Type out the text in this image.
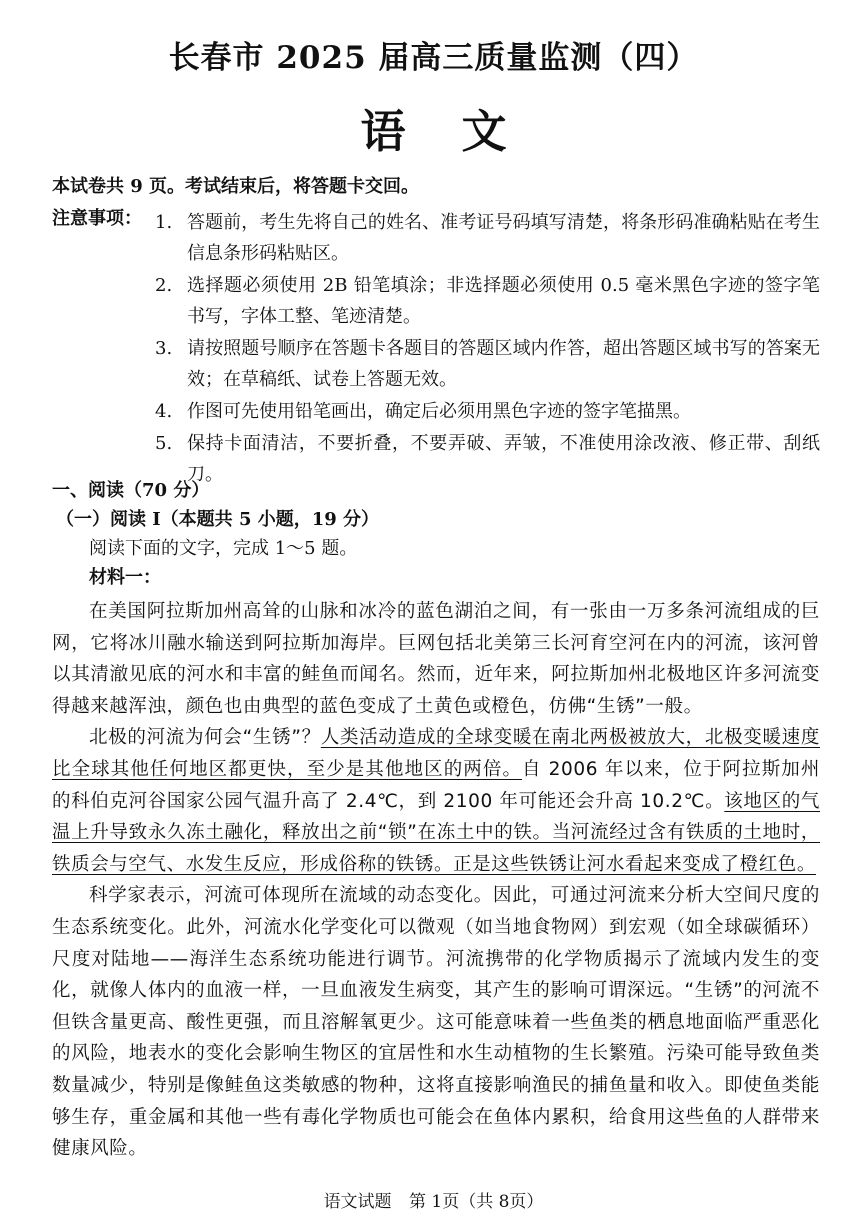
长春市 2025 届高三质量监测（四）
语文
本试卷共 9 页。考试结束后，将答题卡交回。
注意事项： 1. 答题前，考生先将自己的姓名、准考证号码填写清楚，将条形码准确粘贴在考生信息条形码粘贴区。
2. 选择题必须使用 2B 铅笔填涂；非选择题必须使用 0.5 毫米黑色字迹的签字笔书写，字体工整、笔迹清楚。
3. 请按照题号顺序在答题卡各题目的答题区域内作答，超出答题区域书写的答案无效；在草稿纸、试卷上答题无效。
4. 作图可先使用铅笔画出，确定后必须用黑色字迹的签字笔描黑。
5. 保持卡面清洁，不要折叠，不要弄破、弄皱，不准使用涂改液、修正带、刮纸刀。
一、阅读（70 分）
（一）阅读 I（本题共 5 小题，19 分）
阅读下面的文字，完成 1～5 题。
材料一：

在美国阿拉斯加州高耸的山脉和冰冷的蓝色湖泊之间，有一张由一万多条河流组成的巨网，它将冰川融水输送到阿拉斯加海岸。巨网包括北美第三长河育空河在内的河流，该河曾以其清澈见底的河水和丰富的鲑鱼而闻名。然而，近年来，阿拉斯加州北极地区许多河流变得越来越浑浊，颜色也由典型的蓝色变成了土黄色或橙色，仿佛“生锈”一般。

北极的河流为何会“生锈”？人类活动造成的全球变暖在南北两极被放大，北极变暖速度比全球其他任何地区都更快，至少是其他地区的两倍。自 2006 年以来，位于阿拉斯加州的科伯克河谷国家公园气温升高了 2.4℃，到 2100 年可能还会升高 10.2℃。该地区的气温上升导致永久冻土融化，释放出之前“锁”在冻土中的铁。当河流经过含有铁质的土地时，铁质会与空气、水发生反应，形成俗称的铁锈。正是这些铁锈让河水看起来变成了橙红色。

科学家表示，河流可体现所在流域的动态变化。因此，可通过河流来分析大空间尺度的生态系统变化。此外，河流水化学变化可以微观（如当地食物网）到宏观（如全球碳循环）尺度对陆地——海洋生态系统功能进行调节。河流携带的化学物质揭示了流域内发生的变化，就像人体内的血液一样，一旦血液发生病变，其产生的影响可谓深远。“生锈”的河流不但铁含量更高、酸性更强，而且溶解氧更少。这可能意味着一些鱼类的栖息地面临严重恶化的风险，地表水的变化会影响生物区的宜居性和水生动植物的生长繁殖。污染可能导致鱼类数量减少，特别是像鲑鱼这类敏感的物种，这将直接影响渔民的捕鱼量和收入。即使鱼类能够生存，重金属和其他一些有毒化学物质也可能会在鱼体内累积，给食用这些鱼的人群带来健康风险。

语文试题 第 1页（共 8页）
